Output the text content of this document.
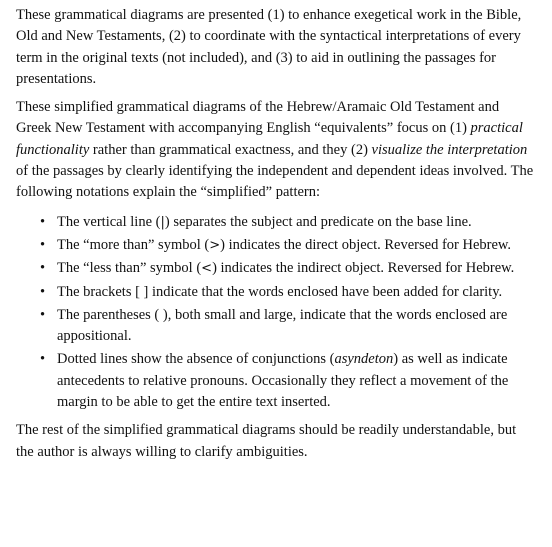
These grammatical diagrams are presented (1) to enhance exegetical work in the Bible, Old and New Testaments, (2) to coordinate with the syntactical interpretations of every term in the original texts (not included), and (3) to aid in outlining the passages for presentations.

These simplified grammatical diagrams of the Hebrew/Aramaic Old Testament and Greek New Testament with accompanying English “equivalents” focus on (1) practical functionality rather than grammatical exactness, and they (2) visualize the interpretation of the passages by clearly identifying the independent and dependent ideas involved. The following notations explain the “simplified” pattern:

• The vertical line (|) separates the subject and predicate on the base line.
• The “more than” symbol (>) indicates the direct object. Reversed for Hebrew.
• The “less than” symbol (<) indicates the indirect object. Reversed for Hebrew.
• The brackets [ ] indicate that the words enclosed have been added for clarity.
• The parentheses ( ), both small and large, indicate that the words enclosed are appositional.
• Dotted lines show the absence of conjunctions (asyndeton) as well as indicate antecedents to relative pronouns. Occasionally they reflect a movement of the margin to be able to get the entire text inserted.

The rest of the simplified grammatical diagrams should be readily understandable, but the author is always willing to clarify ambiguities.
